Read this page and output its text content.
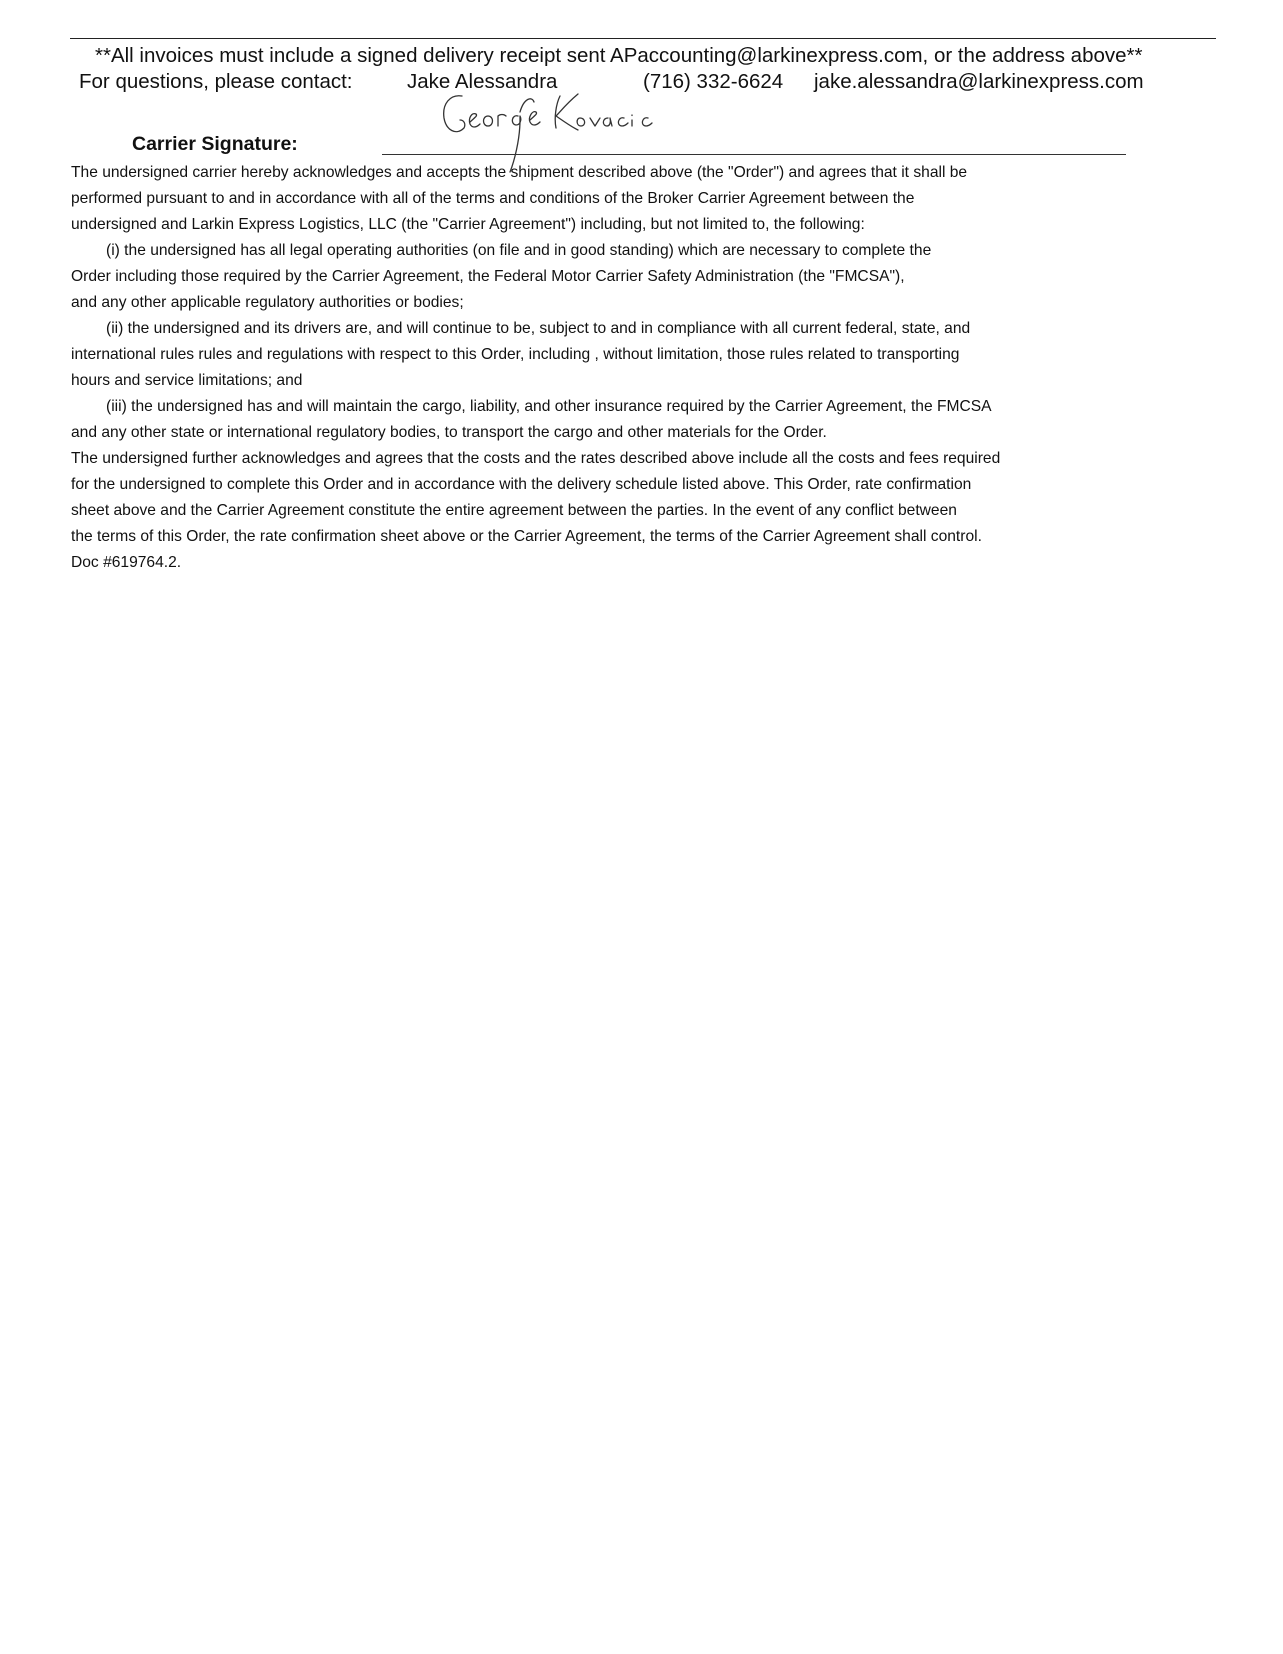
**All invoices must include a signed delivery receipt sent APaccounting@larkinexpress.com, or the address above**
For questions, please contact:	Jake Alessandra	(716) 332-6624 jake.alessandra@larkinexpress.com
Carrier Signature:
The undersigned carrier hereby acknowledges and accepts the shipment described above (the "Order") and agrees that it shall be
performed pursuant to and in accordance with all of the terms and conditions of the Broker Carrier Agreement between the
undersigned and Larkin Express Logistics, LLC (the "Carrier Agreement") including, but not limited to, the following:
(i) the undersigned has all legal operating authorities (on file and in good standing) which are necessary to complete the
Order including those required by the Carrier Agreement, the Federal Motor Carrier Safety Administration (the "FMCSA"),
and any other applicable regulatory authorities or bodies;
(ii) the undersigned and its drivers are, and will continue to be, subject to and in compliance with all current federal, state, and
international rules rules and regulations with respect to this Order, including , without limitation, those rules related to transporting
hours and service limitations; and
(iii) the undersigned has and will maintain the cargo, liability, and other insurance required by the Carrier Agreement, the FMCSA
and any other state or international regulatory bodies, to transport the cargo and other materials for the Order.
The undersigned further acknowledges and agrees that the costs and the rates described above include all the costs and fees required
for the undersigned to complete this Order and in accordance with the delivery schedule listed above. This Order, rate confirmation
sheet above and the Carrier Agreement constitute the entire agreement between the parties. In the event of any conflict between
the terms of this Order, the rate confirmation sheet above or the Carrier Agreement, the terms of the Carrier Agreement shall control.
Doc #619764.2.
